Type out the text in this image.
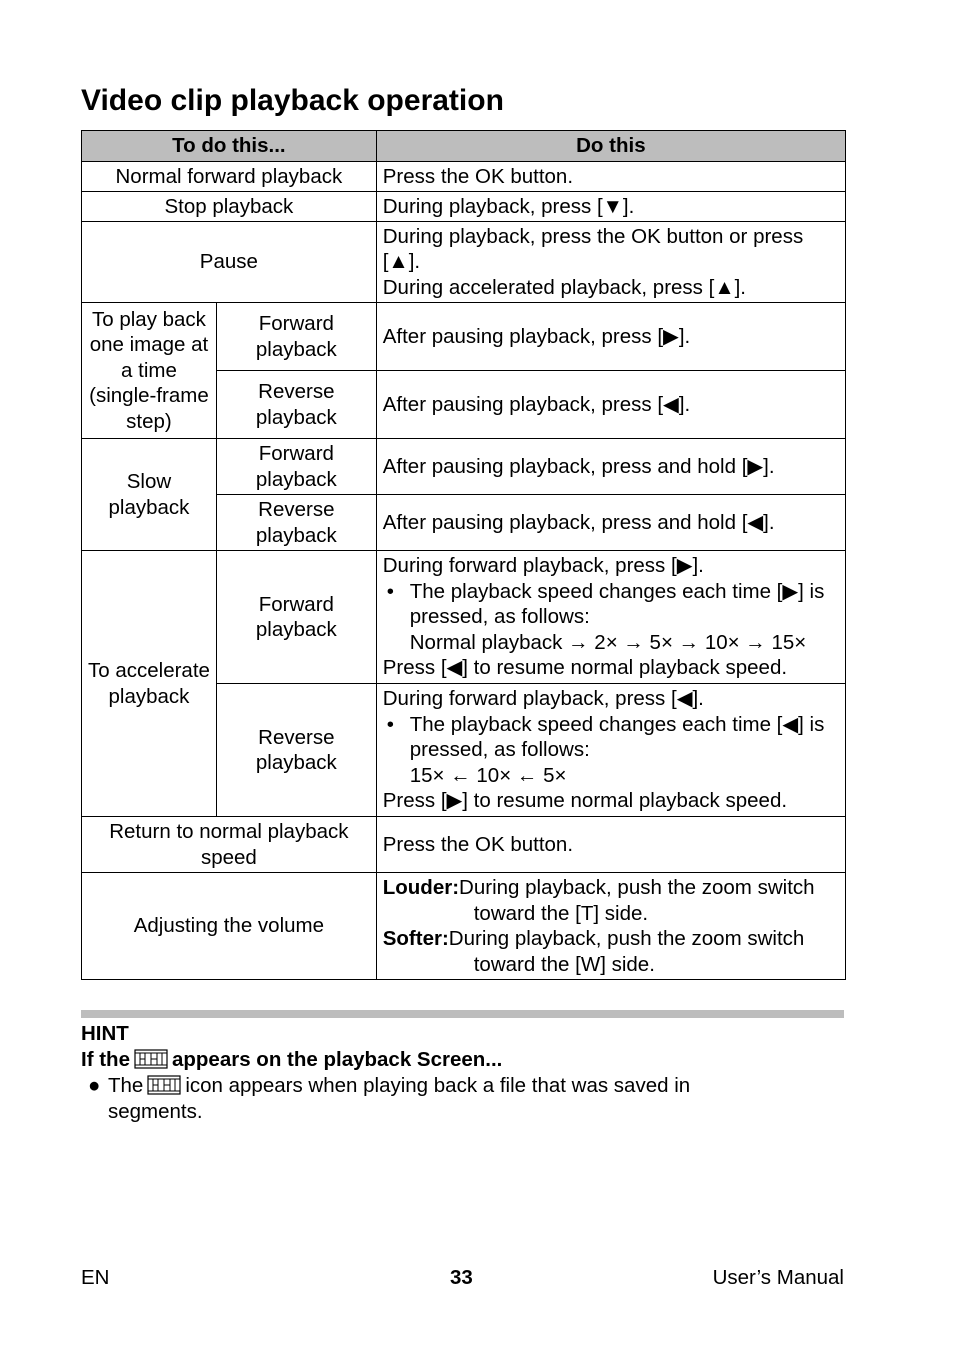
Video clip playback operation
To do this...		Do this
Normal forward playback		Press the OK button.
Stop playback		During playback, press [▼].
Pause		During playback, press the OK button or press [▲].
During accelerated playback, press [▲].

To play back one image at a time (single-frame step)	Forward playback	After pausing playback, press [▶].
	Reverse playback	After pausing playback, press [◀].
Slow playback	Forward playback	After pausing playback, press and hold [▶].
	Reverse playback	After pausing playback, press and hold [◀].
To accelerate playback	Forward playback	During forward playback, press [▶].
• The playback speed changes each time [▶] is pressed, as follows:
Normal playback → 2× → 5× → 10× → 15×
Press [◀] to resume normal playback speed.

	Reverse playback	During forward playback, press [◀].
• The playback speed changes each time [◀] is pressed, as follows:
15× ← 10× ← 5×
Press [▶] to resume normal playback speed.

Return to normal playback speed		Press the OK button.
Adjusting the volume		Louder:During playback, push the zoom switch toward the [T] side.
Softer:During playback, push the zoom switch toward the [W] side.
HINT
If the appears on the playback Screen...
● The icon appears when playing back a file that was saved in segments.
EN	33	User’s Manual
